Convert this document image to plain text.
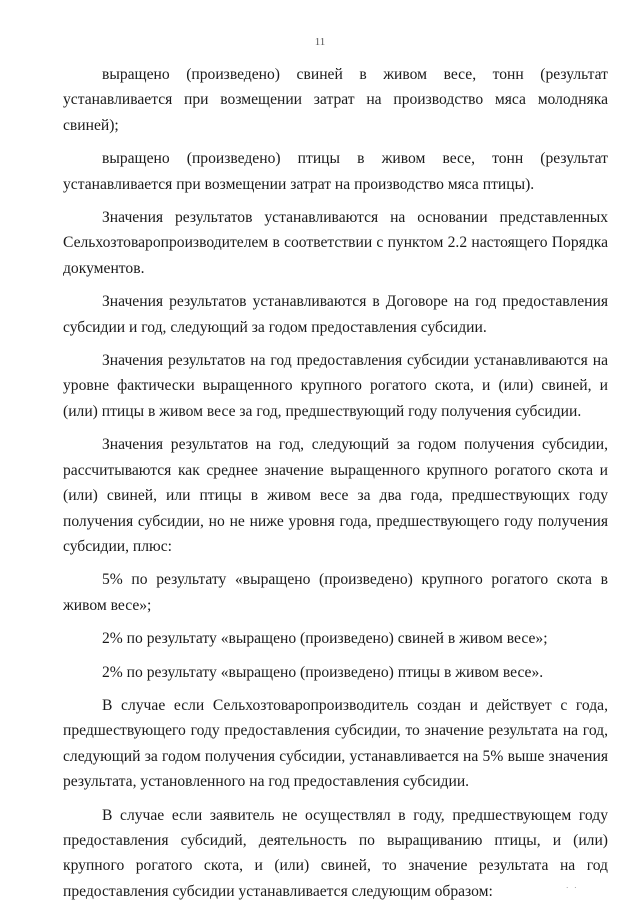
11

выращено (произведено) свиней в живом весе, тонн (результат устанавливается при возмещении затрат на производство мяса молодняка свиней);

выращено (произведено) птицы в живом весе, тонн (результат устанавливается при возмещении затрат на производство мяса птицы).

Значения результатов устанавливаются на основании представленных Сельхозтоваропроизводителем в соответствии с пунктом 2.2 настоящего Порядка документов.

Значения результатов устанавливаются в Договоре на год предоставления субсидии и год, следующий за годом предоставления субсидии.

Значения результатов на год предоставления субсидии устанавливаются на уровне фактически выращенного крупного рогатого скота, и (или) свиней, и (или) птицы в живом весе за год, предшествующий году получения субсидии.

Значения результатов на год, следующий за годом получения субсидии, рассчитываются как среднее значение выращенного крупного рогатого скота и (или) свиней, или птицы в живом весе за два года, предшествующих году получения субсидии, но не ниже уровня года, предшествующего году получения субсидии, плюс:

5% по результату «выращено (произведено) крупного рогатого скота в живом весе»;

2% по результату «выращено (произведено) свиней в живом весе»;

2% по результату «выращено (произведено) птицы в живом весе».

В случае если Сельхозтоваропроизводитель создан и действует с года, предшествующего году предоставления субсидии, то значение результата на год, следующий за годом получения субсидии, устанавливается на 5% выше значения результата, установленного на год предоставления субсидии.

В случае если заявитель не осуществлял в году, предшествующем году предоставления субсидий, деятельность по выращиванию птицы, и (или) крупного рогатого скота, и (или) свиней, то значение результата на год предоставления субсидии устанавливается следующим образом:	· ·
